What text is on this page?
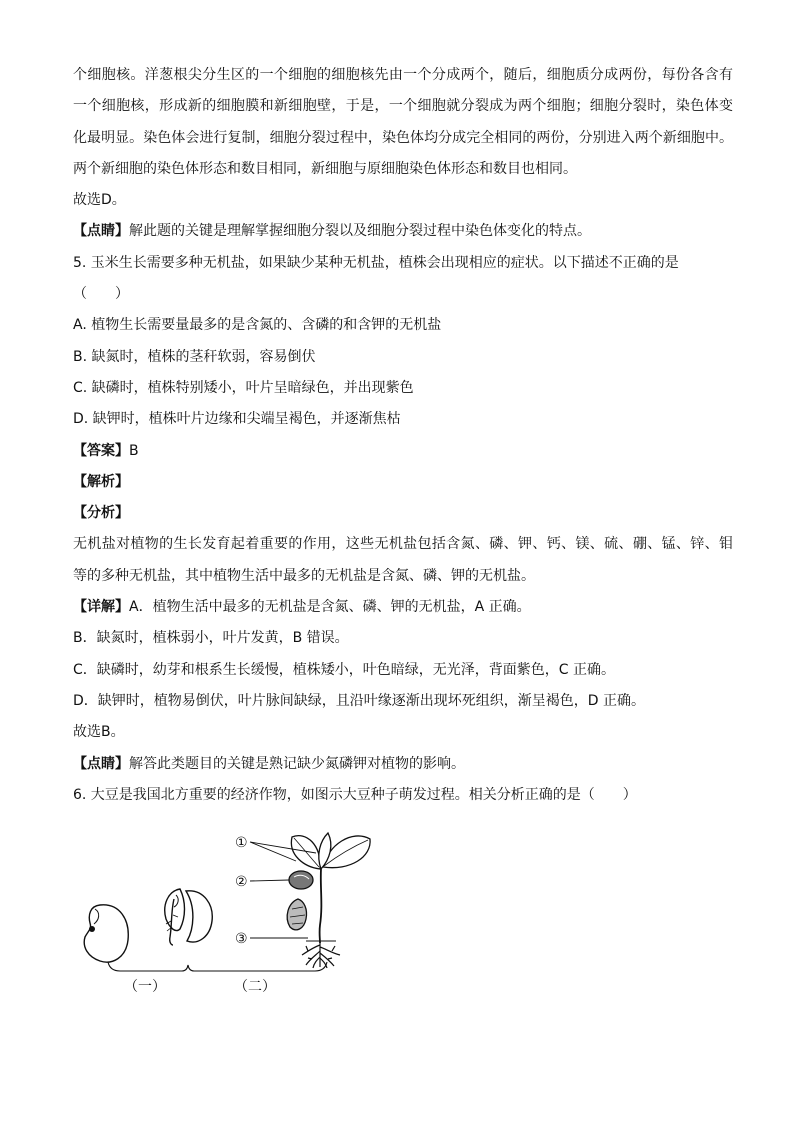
个细胞核。洋葱根尖分生区的一个细胞的细胞核先由一个分成两个，随后，细胞质分成两份，每份各含有
一个细胞核，形成新的细胞膜和新细胞壁，于是，一个细胞就分裂成为两个细胞；细胞分裂时，染色体变
化最明显。染色体会进行复制，细胞分裂过程中，染色体均分成完全相同的两份，分别进入两个新细胞中。
两个新细胞的染色体形态和数目相同，新细胞与原细胞染色体形态和数目也相同。
故选D。
【点睛】解此题的关键是理解掌握细胞分裂以及细胞分裂过程中染色体变化的特点。
5. 玉米生长需要多种无机盐，如果缺少某种无机盐，植株会出现相应的症状。以下描述不正确的是
（　　）
A. 植物生长需要量最多的是含氮的、含磷的和含钾的无机盐
B. 缺氮时，植株的茎秆软弱，容易倒伏
C. 缺磷时，植株特别矮小，叶片呈暗绿色，并出现紫色
D. 缺钾时，植株叶片边缘和尖端呈褐色，并逐渐焦枯
【答案】B
【解析】
【分析】
无机盐对植物的生长发育起着重要的作用，这些无机盐包括含氮、磷、钾、钙、镁、硫、硼、锰、锌、钼
等的多种无机盐，其中植物生活中最多的无机盐是含氮、磷、钾的无机盐。
【详解】A．植物生活中最多的无机盐是含氮、磷、钾的无机盐，A 正确。
B．缺氮时，植株弱小，叶片发黄，B 错误。
C．缺磷时，幼芽和根系生长缓慢，植株矮小，叶色暗绿，无光泽，背面紫色，C 正确。
D．缺钾时，植物易倒伏，叶片脉间缺绿，且沿叶缘逐渐出现坏死组织，渐呈褐色，D 正确。
故选B。
【点睛】解答此类题目的关键是熟记缺少氮磷钾对植物的影响。
6. 大豆是我国北方重要的经济作物，如图示大豆种子萌发过程。相关分析正确的是（　　）
①
②
③
（一）	（二）
